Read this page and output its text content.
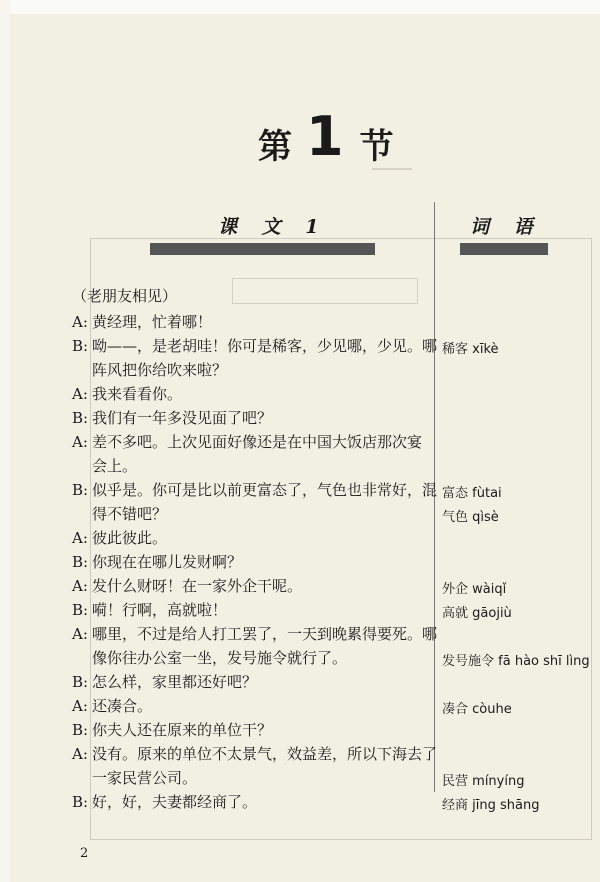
第 1 节
课 文 1	词 语
（老朋友相见）
A: 黄经理，忙着哪！
B: 呦——，是老胡哇！你可是稀客，少见哪，少见。哪
阵风把你给吹来啦？
A: 我来看看你。
B: 我们有一年多没见面了吧？
A: 差不多吧。上次见面好像还是在中国大饭店那次宴
会上。
B: 似乎是。你可是比以前更富态了，气色也非常好，混
得不错吧？
A: 彼此彼此。
B: 你现在在哪儿发财啊？
A: 发什么财呀！在一家外企干呢。
B: 嗬！行啊，高就啦！
A: 哪里，不过是给人打工罢了，一天到晚累得要死。哪
像你往办公室一坐，发号施令就行了。
B: 怎么样，家里都还好吧？
A: 还凑合。
B: 你夫人还在原来的单位干？
A: 没有。原来的单位不太景气，效益差，所以下海去了
一家民营公司。
B: 好，好，夫妻都经商了。
稀客 xīkè
富态 fùtai
气色 qìsè
外企 wàiqǐ
高就 gāojiù
发号施令 fā hào shī lìng
凑合 còuhe
民营 mínyíng
经商 jīng shāng
2
